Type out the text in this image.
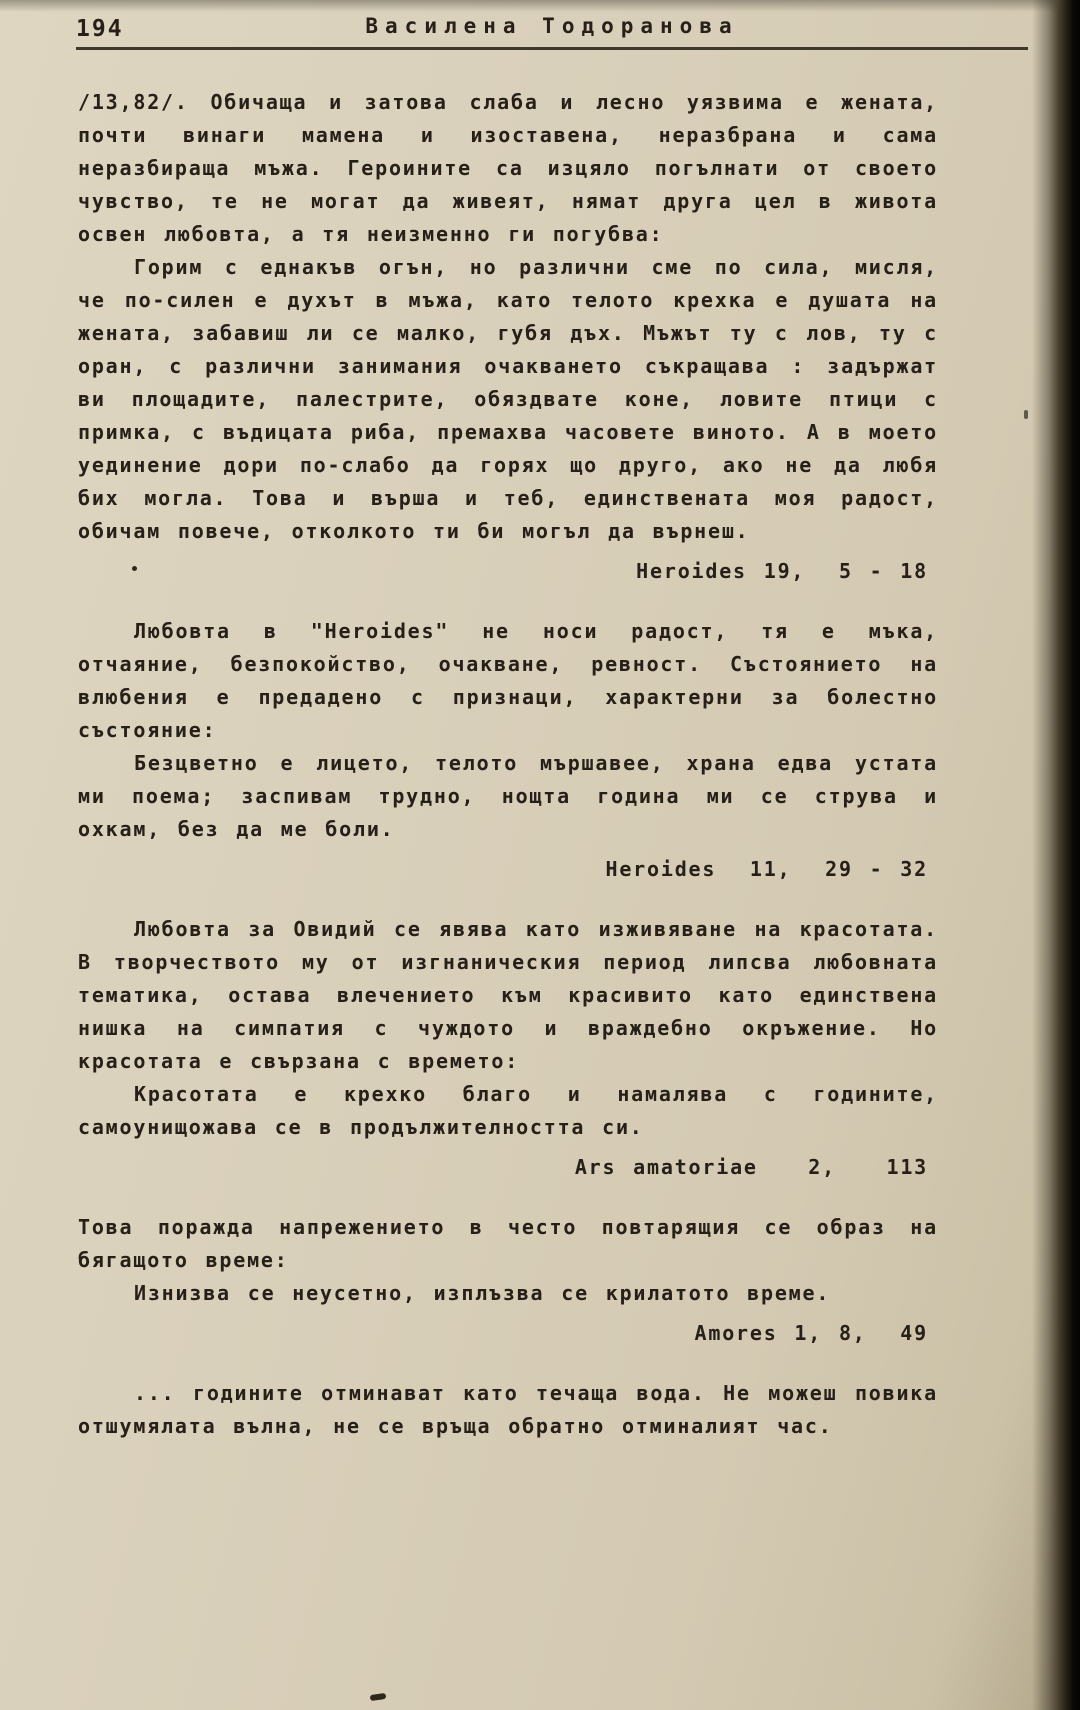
194	Василена Тодоранова

/13,82/. Обичаща и затова слаба и лесно уязвима е жената, почти винаги мамена и изоставена, неразбрана и сама неразбираща мъжа. Героините са изцяло погълнати от своето чувство, те не могат да живеят, нямат друга цел в живота освен любовта, а тя неизменно ги погубва:

Горим с еднакъв огън, но различни сме по сила, мисля, че по-силен е духът в мъжа, като телото крехка е душата на жената, забавиш ли се малко, губя дъх. Мъжът ту с лов, ту с оран, с различни занимания очакването съкращава : задържат ви площадите, палестрите, обяздвате коне, ловите птици с примка, с въдицата риба, премахва часовете виното. А в моето уединение дори по-слабо да горях що друго, ако не да любя бих могла. Това и върша и теб, единствената моя радост, обичам повече, отколкото ти би могъл да върнеш.

Heroides 19,  5 - 18

Любовта в "Heroides" не носи радост, тя е мъка, отчаяние, безпокойство, очакване, ревност. Състоянието на влюбения е предадено с признаци, характерни за болестно състояние:

Безцветно е лицето, телото мършавее, храна едва устата ми поема; заспивам трудно, нощта година ми се струва и охкам, без да ме боли.

Heroides  11,  29 - 32

Любовта за Овидий се явява като изживяване на красотата. В творчеството му от изгнаническия период липсва любовната тематика, остава влечението към красивито като единствена нишка на симпатия с чуждото и враждебно окръжение. Но красотата е свързана с времето:

Красотата е крехко благо и намалява с годините, самоунищожава се в продължителността си.

Ars amatoriae   2,   113

Това поражда напрежението в често повтарящия се образ на бягащото време:

Изнизва се неусетно, изплъзва се крилатото време.

Amores 1, 8,  49

... годините отминават като течаща вода. Не можеш повика отшумялата вълна, не се връща обратно отминалият час.
